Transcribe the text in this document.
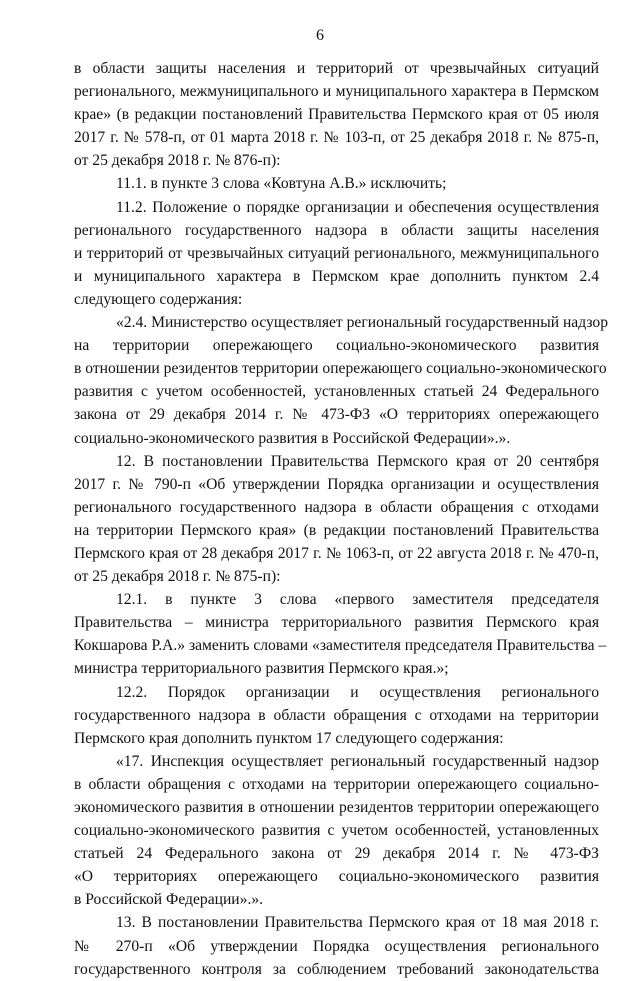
6

в области защиты населения и территорий от чрезвычайных ситуаций
регионального, межмуниципального и муниципального характера в Пермском
крае» (в редакции постановлений Правительства Пермского края от 05 июля
2017 г. № 578-п, от 01 марта 2018 г. № 103-п, от 25 декабря 2018 г. № 875-п,
от 25 декабря 2018 г. № 876-п):

11.1. в пункте 3 слова «Ковтуна А.В.» исключить;

11.2. Положение о порядке организации и обеспечения осуществления
регионального государственного надзора в области защиты населения
и территорий от чрезвычайных ситуаций регионального, межмуниципального
и муниципального характера в Пермском крае дополнить пунктом 2.4
следующего содержания:

«2.4. Министерство осуществляет региональный государственный надзор
на территории опережающего социально-экономического развития
в отношении резидентов территории опережающего социально-экономического
развития с учетом особенностей, установленных статьей 24 Федерального
закона от 29 декабря 2014 г. № 473-ФЗ «О территориях опережающего
социально-экономического развития в Российской Федерации».».

12. В постановлении Правительства Пермского края от 20 сентября
2017 г. № 790-п «Об утверждении Порядка организации и осуществления
регионального государственного надзора в области обращения с отходами
на территории Пермского края» (в редакции постановлений Правительства
Пермского края от 28 декабря 2017 г. № 1063-п, от 22 августа 2018 г. № 470-п,
от 25 декабря 2018 г. № 875-п):

12.1. в пункте 3 слова «первого заместителя председателя
Правительства – министра территориального развития Пермского края
Кокшарова Р.А.» заменить словами «заместителя председателя Правительства –
министра территориального развития Пермского края.»;

12.2. Порядок организации и осуществления регионального
государственного надзора в области обращения с отходами на территории
Пермского края дополнить пунктом 17 следующего содержания:

«17. Инспекция осуществляет региональный государственный надзор
в области обращения с отходами на территории опережающего социально-
экономического развития в отношении резидентов территории опережающего
социально-экономического развития с учетом особенностей, установленных
статьей 24 Федерального закона от 29 декабря 2014 г. № 473-ФЗ
«О территориях опережающего социально-экономического развития
в Российской Федерации».».

13. В постановлении Правительства Пермского края от 18 мая 2018 г.
№ 270-п «Об утверждении Порядка осуществления регионального
государственного контроля за соблюдением требований законодательства
